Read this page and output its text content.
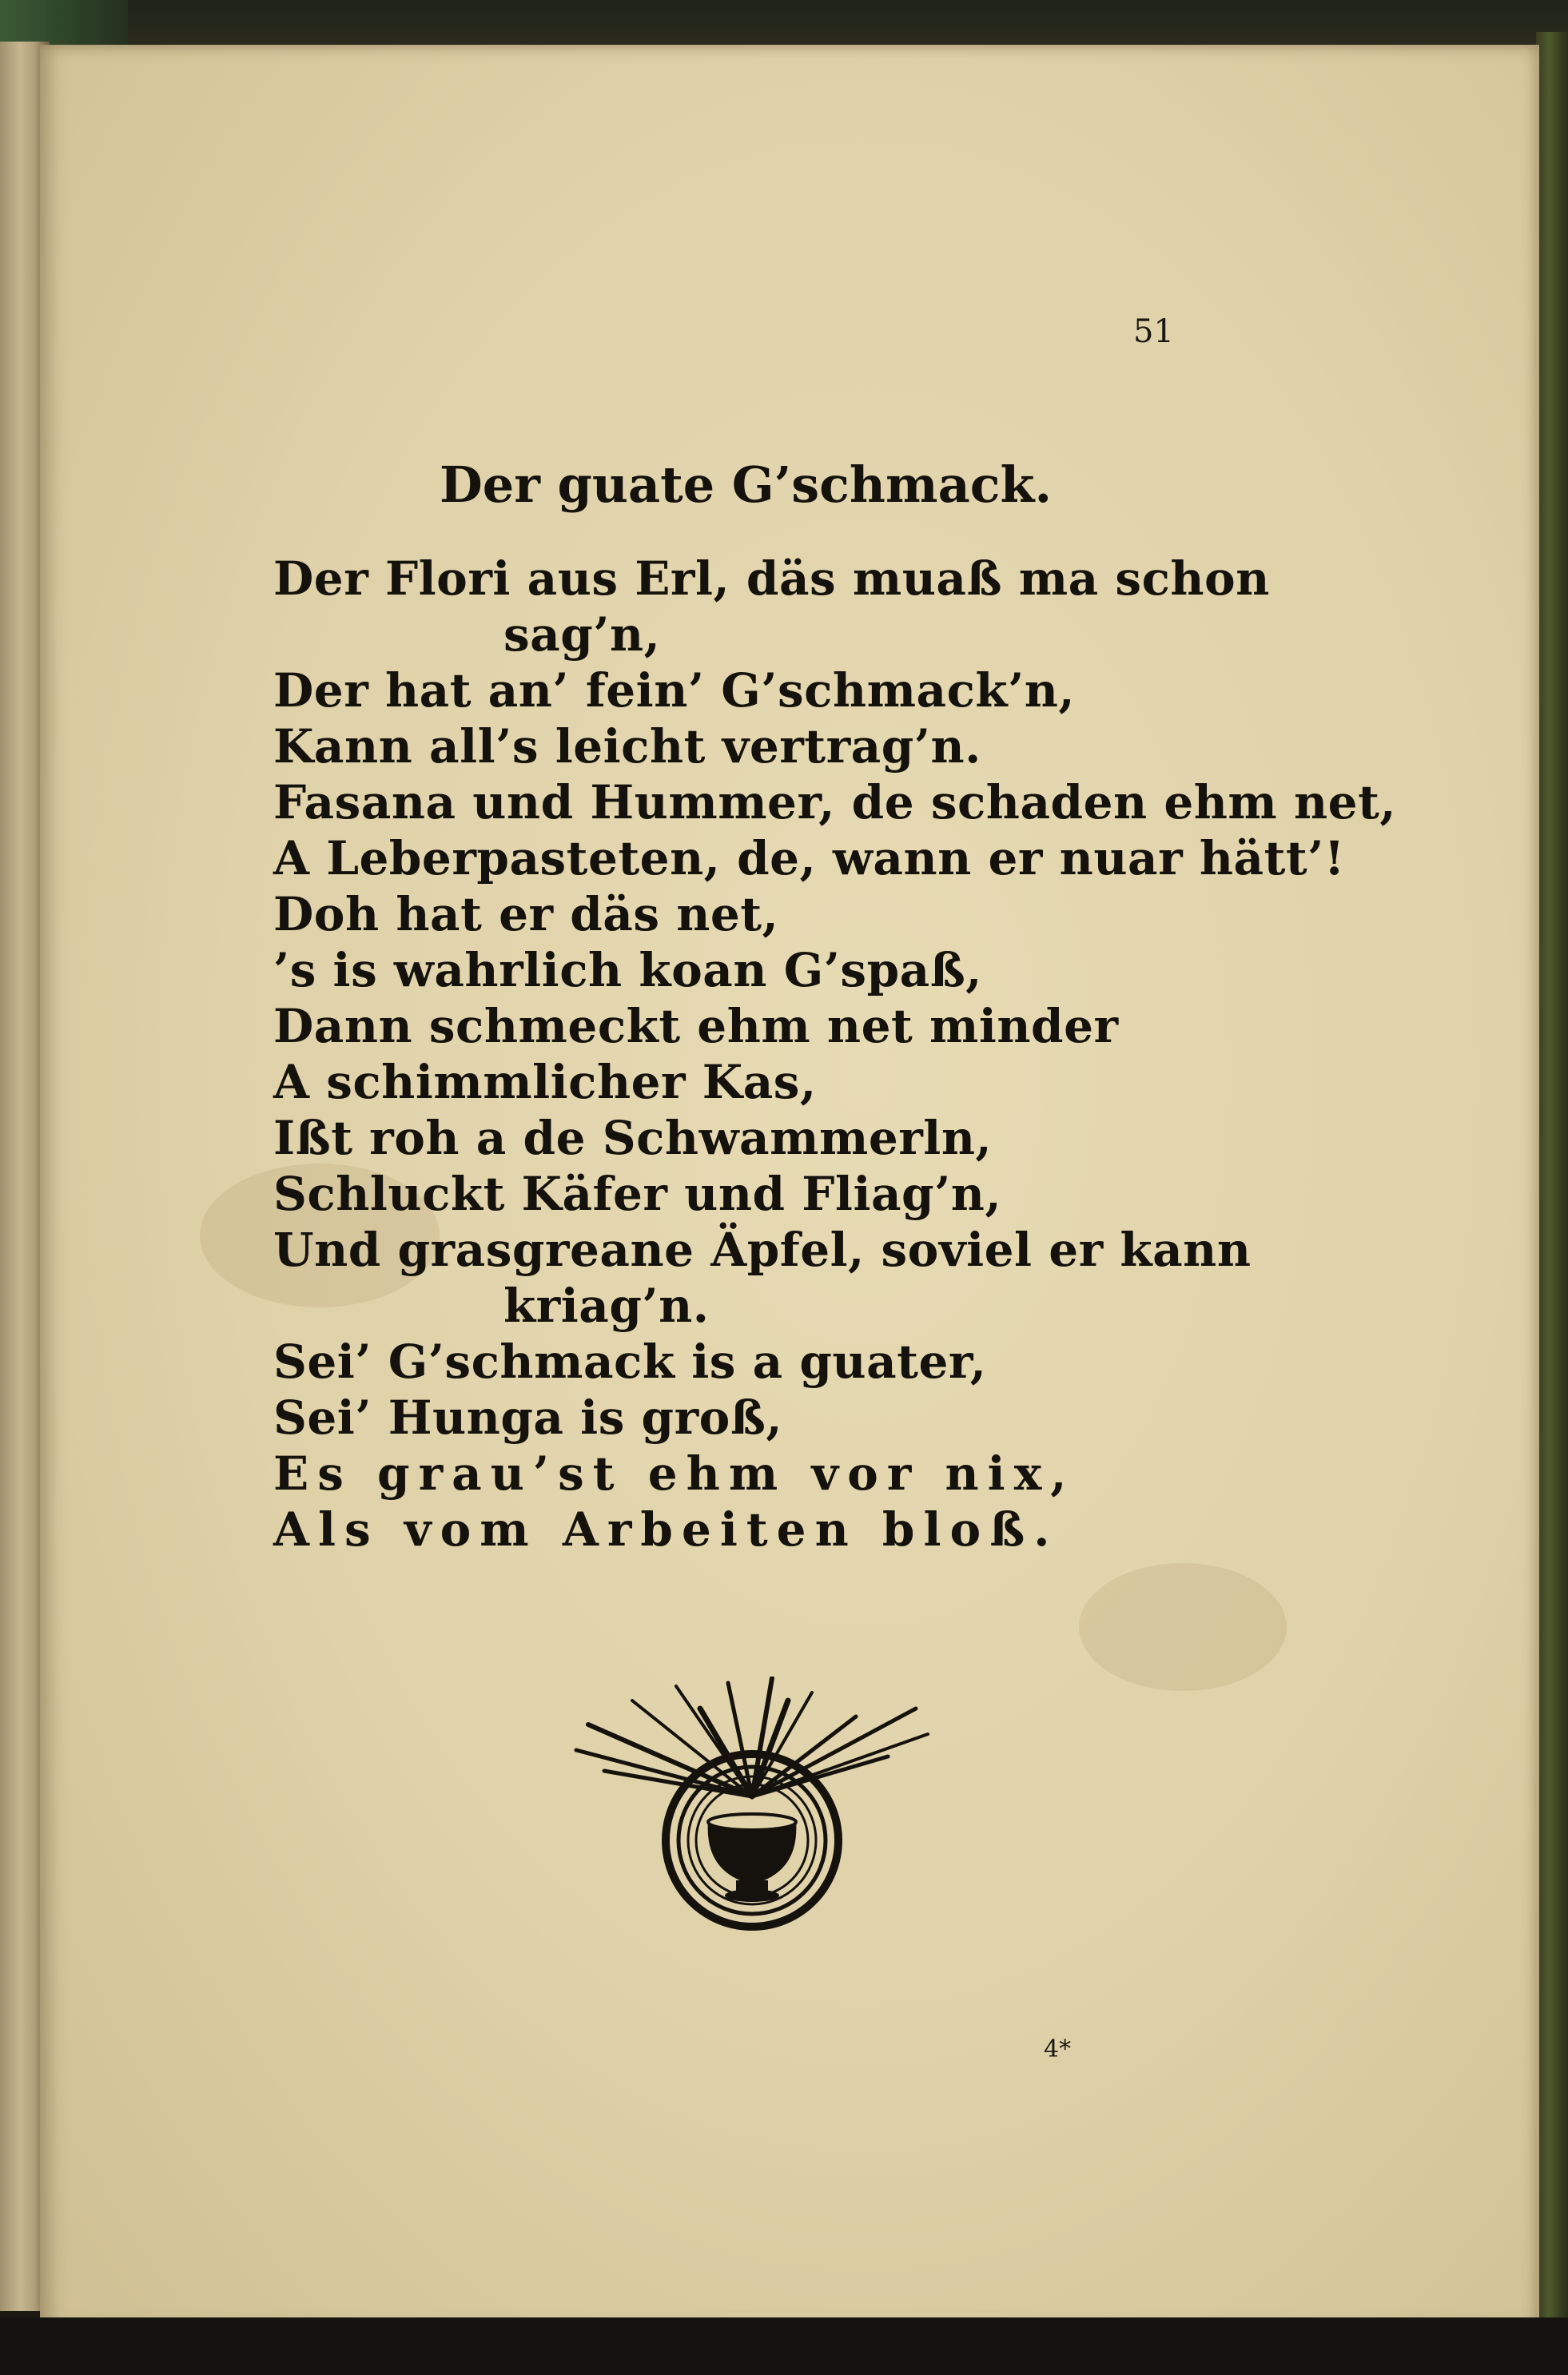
51
Der guate G’schmack.
Der Flori aus Erl, däs muaß ma schon
sag’n,
Der hat an’ fein’ G’schmack’n,
Kann all’s leicht vertrag’n.
Fasana und Hummer, de schaden ehm net,
A Leberpasteten, de, wann er nuar hätt’!
Doh hat er däs net,
’s is wahrlich koan G’spaß,
Dann schmeckt ehm net minder
A schimmlicher Kas,
Ißt roh a de Schwammerln,
Schluckt Käfer und Fliag’n,
Und grasgreane Äpfel, soviel er kann
kriag’n.
Sei’ G’schmack is a guater,
Sei’ Hunga is groß,
Es grau’st ehm vor nix,
Als vom Arbeiten bloß.
4*
